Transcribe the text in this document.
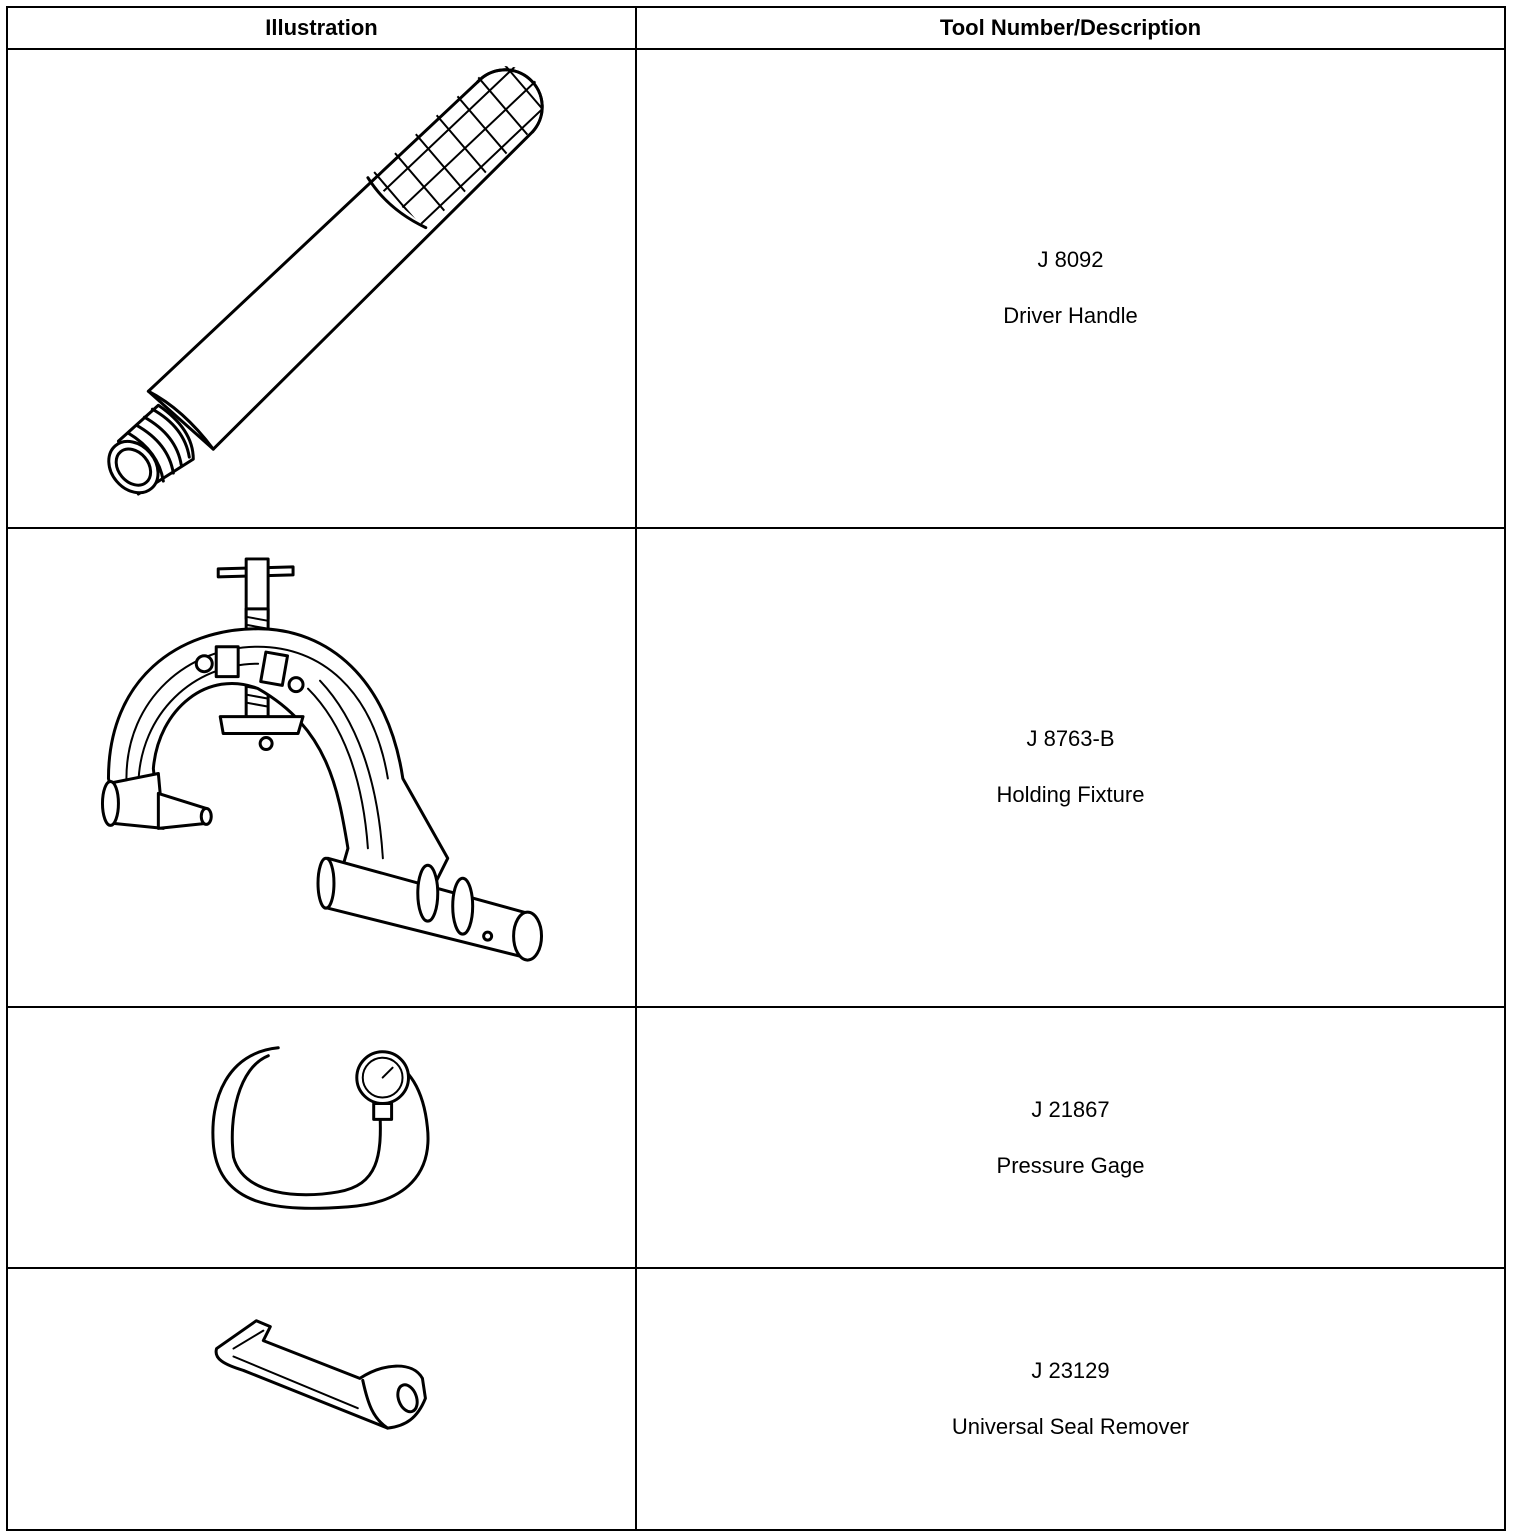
Illustration	Tool Number/Description

J 8092
Driver Handle

J 8763-B
Holding Fixture

J 21867
Pressure Gage

J 23129
Universal Seal Remover
